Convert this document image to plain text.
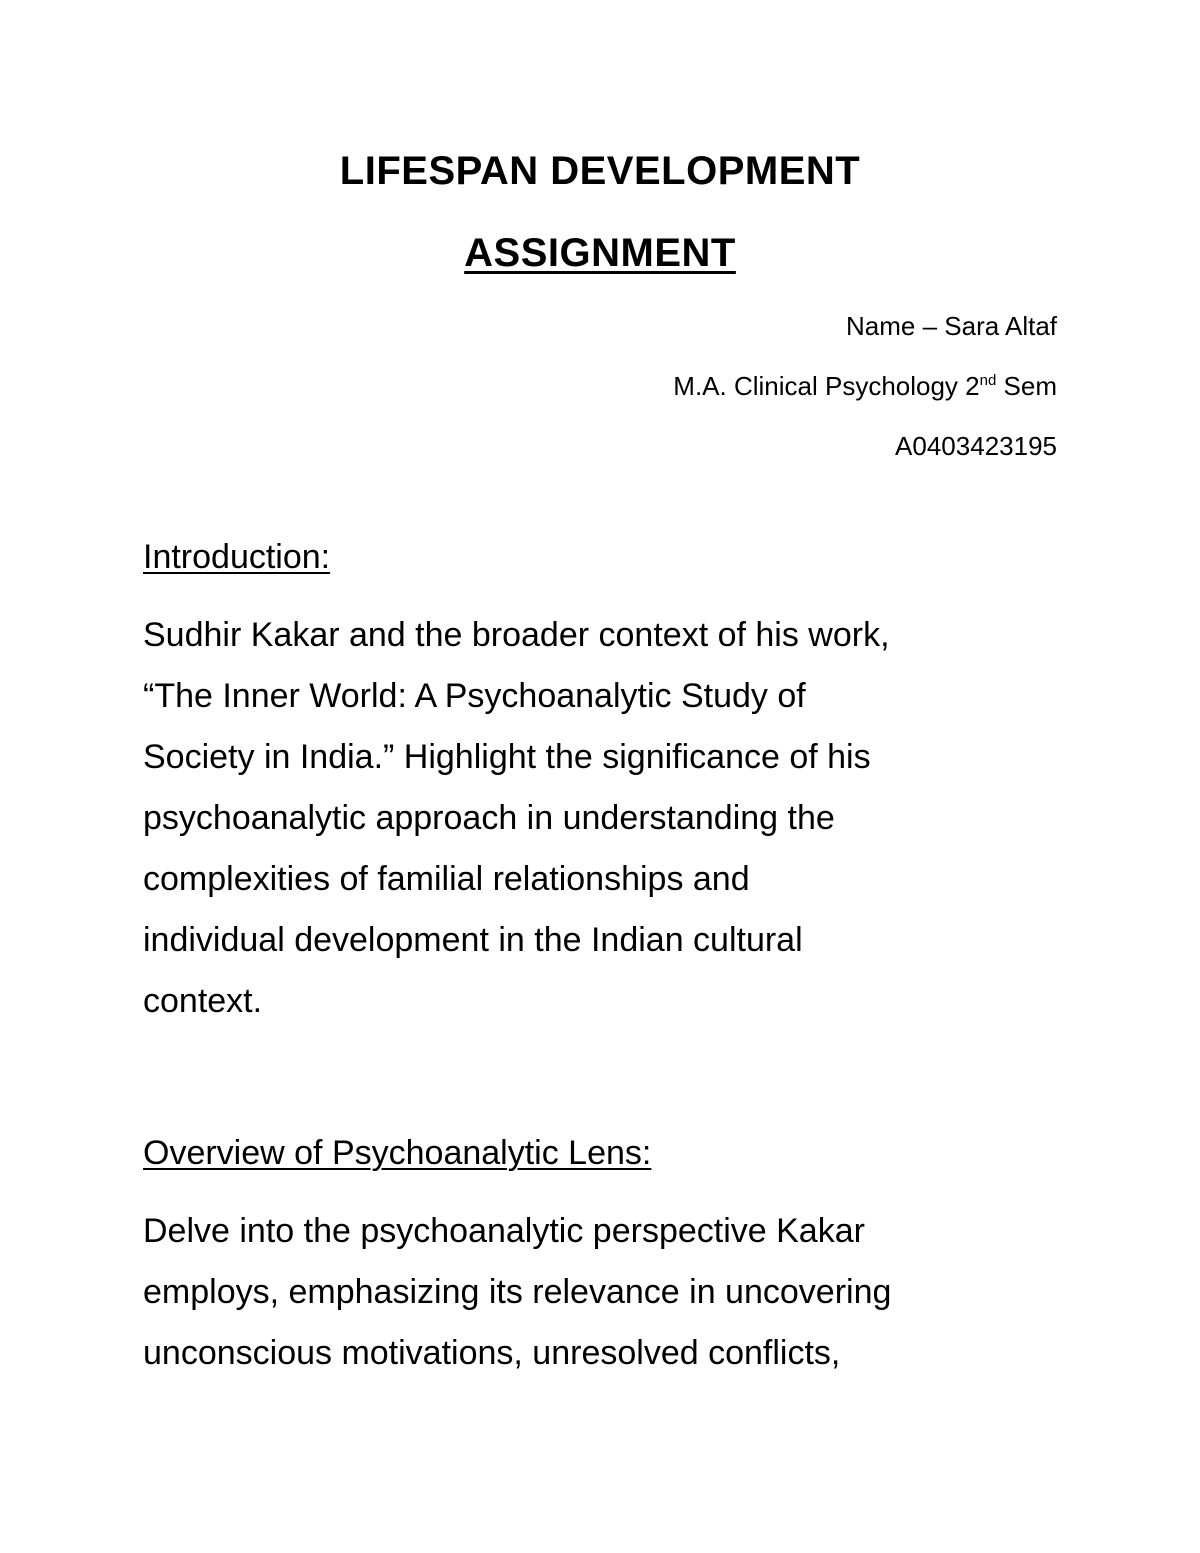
LIFESPAN DEVELOPMENT
ASSIGNMENT
Name – Sara Altaf
M.A. Clinical Psychology 2nd Sem
A0403423195
Introduction:
Sudhir Kakar and the broader context of his work,
“The Inner World: A Psychoanalytic Study of
Society in India.” Highlight the significance of his
psychoanalytic approach in understanding the
complexities of familial relationships and
individual development in the Indian cultural
context.
Overview of Psychoanalytic Lens:
Delve into the psychoanalytic perspective Kakar
employs, emphasizing its relevance in uncovering
unconscious motivations, unresolved conflicts,
